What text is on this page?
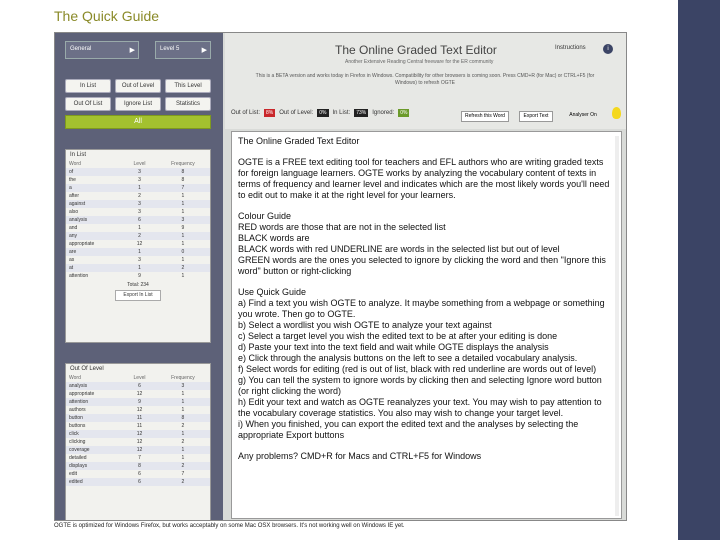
The Quick Guide
General	▶	Level 5	▶
In List	Out of Level	This Level
Out Of List	Ignore List	Statistics
All
In List
Word	Level	Frequency
of	3	8
the	3	8
a	1	7
after	2	1
against	3	1
also	3	1
analysis	6	3
and	1	9
any	2	1
appropriate	12	1
are	1	0
as	3	1
at	1	2
attention	9	1
Total: 234
Export In List
Out Of Level
Word	Level	Frequency
analysis	6	3
appropriate	12	1
attention	9	1
authors	12	1
button	11	8
buttons	11	2
click	12	1
clicking	12	2
coverage	12	1
detailed	7	1
displays	8	2
edit	6	7
edited	6	2
The Online Graded Text Editor
Another Extensive Reading Central freeware for the ER community
Instructions	i
This is a BETA version and works today in Firefox in Windows. Compatibility for other browsers is coming soon. Press CMD+R (for Mac) or CTRL+F5 (for Windows) to refresh OGTE
Out of List:	8%	Out of Level:	0%	In List:	73%	Ignored:	0%	Refresh this Word	Export Text	Analyser On

The Online Graded Text Editor

OGTE is a FREE text editing tool for teachers and EFL authors who are writing graded texts for foreign language learners. OGTE works by analyzing the vocabulary content of texts in terms of frequency and learner level and indicates which are the most likely words you'll need to edit out to make it at the right level for your learners.

Colour Guide

RED words are those that are not in the selected list

BLACK words are

BLACK words with red UNDERLINE are words in the selected list but out of level

GREEN words are the ones you selected to ignore by clicking the word and then "Ignore this word" button or right-clicking

Use Quick Guide

a) Find a text you wish OGTE to analyze. It maybe something from a webpage or something you wrote. Then go to OGTE.

b) Select a wordlist you wish OGTE to analyze your text against

c) Select a target level you wish the edited text to be at after your editing is done

d) Paste your text into the text field and wait while OGTE displays the analysis

e) Click through the analysis buttons on the left to see a detailed vocabulary analysis.

f) Select words for editing (red is out of list, black with red underline are words out of level)

g) You can tell the system to ignore words by clicking then and selecting Ignore word button (or right clicking the word)

h) Edit your text and watch as OGTE reanalyzes your text. You may wish to pay attention to the vocabulary coverage statistics. You also may wish to change your target level.

i) When you finished, you can export the edited text and the analyses by selecting the appropriate Export buttons

Any problems? CMD+R for Macs and CTRL+F5 for Windows

OGTE is optimized for Windows Firefox, but works acceptably on some Mac OSX browsers. It's not working well on Windows IE yet.
